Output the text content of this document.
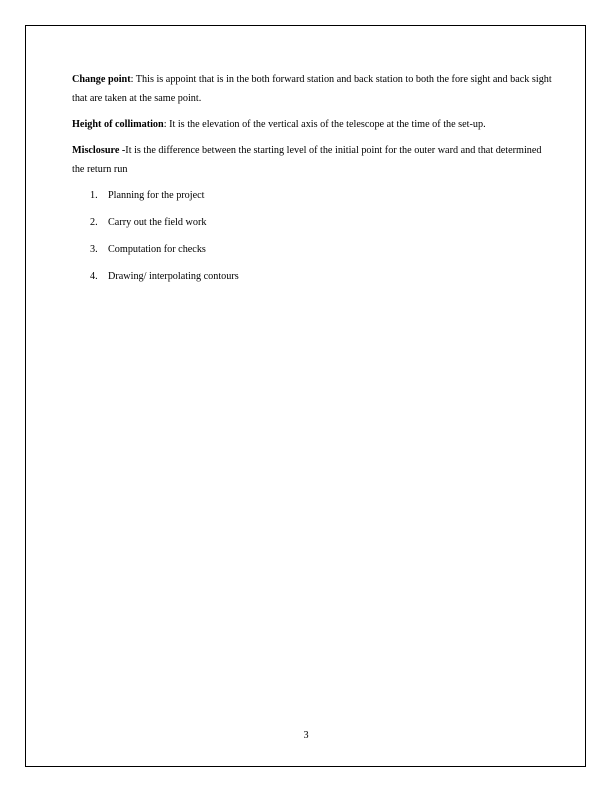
Change point: This is appoint that is in the both forward station and back station to both the fore sight and back sight that are taken at the same point.

Height of collimation: It is the elevation of the vertical axis of the telescope at the time of the set-up.

Misclosure -It is the difference between the starting level of the initial point for the outer ward and that determined the return run

1. Planning for the project
2. Carry out the field work
3. Computation for checks
4. Drawing/ interpolating contours
3
